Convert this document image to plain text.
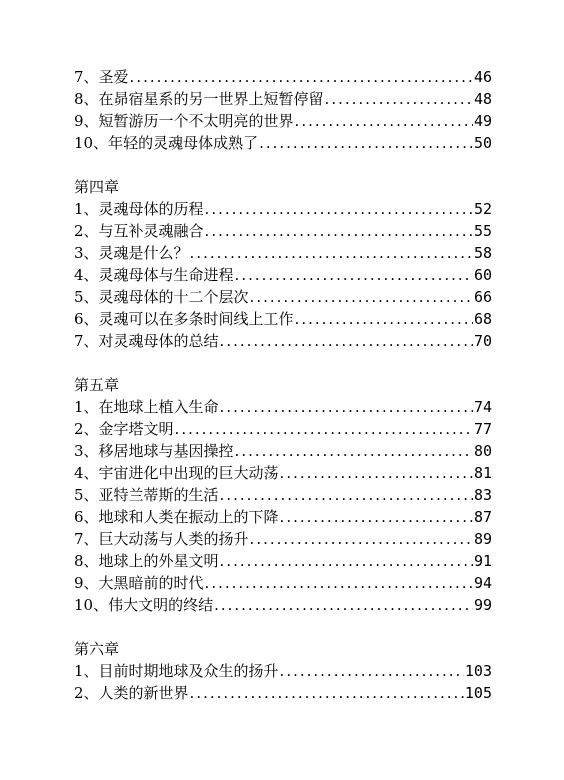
7、圣爱 .....	46
8、在昴宿星系的另一世界上短暂停留 .....	48
9、短暂游历一个不太明亮的世界 .....	49
10、年轻的灵魂母体成熟了 .....	50
第四章
1、灵魂母体的历程 .....	52
2、与互补灵魂融合 .....	55
3、灵魂是什么？ .....	58
4、灵魂母体与生命进程 .....	60
5、灵魂母体的十二个层次 .....	66
6、灵魂可以在多条时间线上工作 .....	68
7、对灵魂母体的总结 .....	70
第五章
1、在地球上植入生命 .....	74
2、金字塔文明 .....	77
3、移居地球与基因操控 .....	80
4、宇宙进化中出现的巨大动荡 .....	81
5、亚特兰蒂斯的生活 .....	83
6、地球和人类在振动上的下降 .....	87
7、巨大动荡与人类的扬升 .....	89
8、地球上的外星文明 .....	91
9、大黑暗前的时代 .....	94
10、伟大文明的终结 .....	99
第六章
1、目前时期地球及众生的扬升 .....	103
2、人类的新世界 .....	105
